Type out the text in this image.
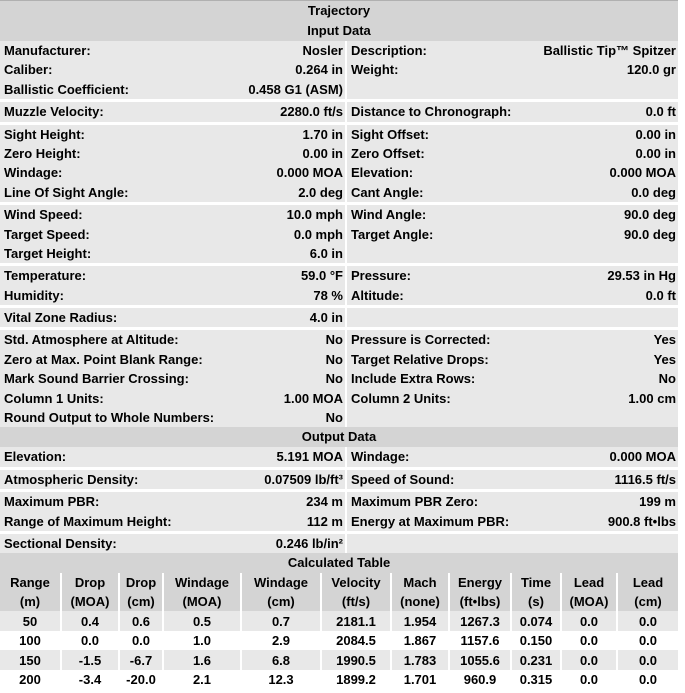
Trajectory
Input Data
Manufacturer:	Nosler Description:	Ballistic Tip™ Spitzer
Caliber:	0.264 in Weight:	120.0 gr
Ballistic Coefficient:	0.458 G1 (ASM)
Muzzle Velocity:	2280.0 ft/s Distance to Chronograph:	0.0 ft
Sight Height:	1.70 in Sight Offset:	0.00 in
Zero Height:	0.00 in Zero Offset:	0.00 in
Windage:	0.000 MOA Elevation:	0.000 MOA
Line Of Sight Angle:	2.0 deg Cant Angle:	0.0 deg
Wind Speed:	10.0 mph Wind Angle:	90.0 deg
Target Speed:	0.0 mph Target Angle:	90.0 deg
Target Height:	6.0 in
Temperature:	59.0 °F Pressure:	29.53 in Hg
Humidity:	78 % Altitude:	0.0 ft
Vital Zone Radius:	4.0 in
Std. Atmosphere at Altitude:	No Pressure is Corrected:	Yes
Zero at Max. Point Blank Range:	No Target Relative Drops:	Yes
Mark Sound Barrier Crossing:	No Include Extra Rows:	No
Column 1 Units:	1.00 MOA Column 2 Units:	1.00 cm
Round Output to Whole Numbers:	No
Output Data
Elevation:	5.191 MOA Windage:	0.000 MOA
Atmospheric Density:	0.07509 lb/ft³ Speed of Sound:	1116.5 ft/s
Maximum PBR:	234 m Maximum PBR Zero:	199 m
Range of Maximum Height:	112 m Energy at Maximum PBR:	900.8 ft•lbs
Sectional Density:	0.246 lb/in²
Calculated Table
Range	Drop	Drop	Windage	Windage	Velocity	Mach	Energy	Time	Lead	Lead
(m)	(MOA)	(cm)	(MOA)	(cm)	(ft/s)	(none)	(ft•lbs)	(s)	(MOA)	(cm)
50	0.4	0.6	0.5	0.7	2181.1	1.954	1267.3	0.074	0.0	0.0
100	0.0	0.0	1.0	2.9	2084.5	1.867	1157.6	0.150	0.0	0.0
150	-1.5	-6.7	1.6	6.8	1990.5	1.783	1055.6	0.231	0.0	0.0
200	-3.4	-20.0	2.1	12.3	1899.2	1.701	960.9	0.315	0.0	0.0
